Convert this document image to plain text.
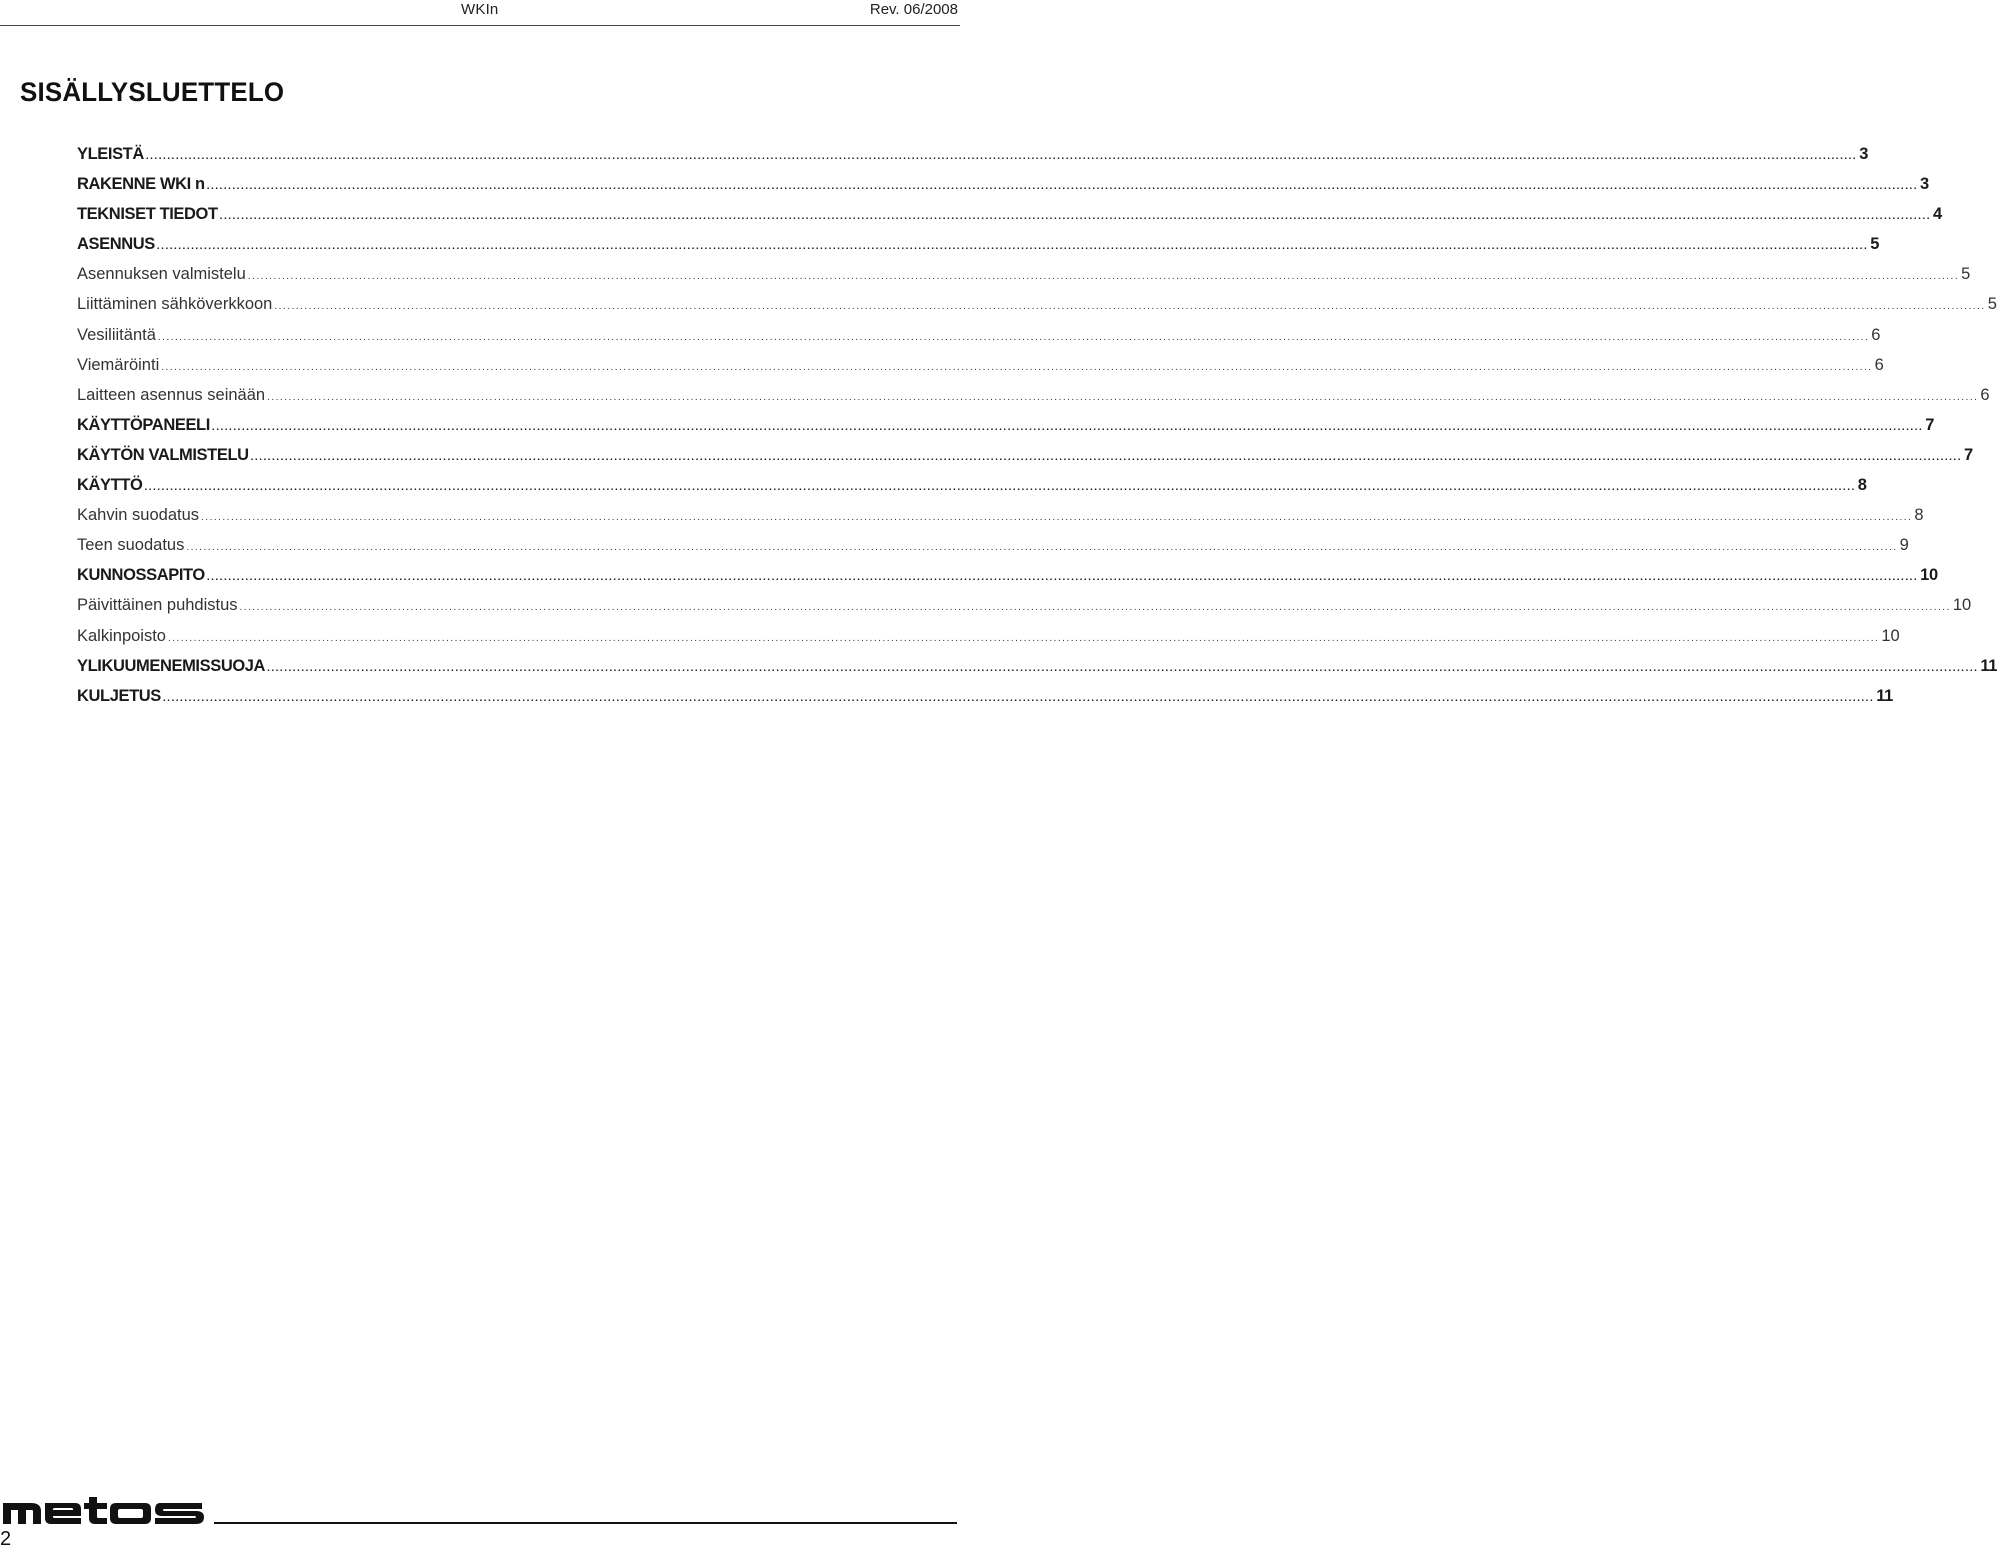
WKIn	Rev. 06/2008
SISÄLLYSLUETTELO
YLEISTÄ ................................................................................................................................................................................................................................................................................................................................................................................................................ 3
RAKENNE WKI n ................................................................................................................................................................................................................................................................................................................................................................................................................ 3
TEKNISET TIEDOT ................................................................................................................................................................................................................................................................................................................................................................................................................ 4
ASENNUS ................................................................................................................................................................................................................................................................................................................................................................................................................ 5
Asennuksen valmistelu ................................................................................................................................................................................................................................................................................................................................................................................................................ 5
Liittäminen sähköverkkoon ................................................................................................................................................................................................................................................................................................................................................................................................................ 5
Vesiliitäntä ................................................................................................................................................................................................................................................................................................................................................................................................................ 6
Viemäröinti ................................................................................................................................................................................................................................................................................................................................................................................................................ 6
Laitteen asennus seinään ................................................................................................................................................................................................................................................................................................................................................................................................................ 6
KÄYTTÖPANEELI ................................................................................................................................................................................................................................................................................................................................................................................................................ 7
KÄYTÖN VALMISTELU ................................................................................................................................................................................................................................................................................................................................................................................................................ 7
KÄYTTÖ ................................................................................................................................................................................................................................................................................................................................................................................................................ 8
Kahvin suodatus ................................................................................................................................................................................................................................................................................................................................................................................................................ 8
Teen suodatus ................................................................................................................................................................................................................................................................................................................................................................................................................ 9
KUNNOSSAPITO ................................................................................................................................................................................................................................................................................................................................................................................................................ 10
Päivittäinen puhdistus ................................................................................................................................................................................................................................................................................................................................................................................................................ 10
Kalkinpoisto ................................................................................................................................................................................................................................................................................................................................................................................................................ 10
YLIKUUMENEMISSUOJA ................................................................................................................................................................................................................................................................................................................................................................................................................ 11
KULJETUS ................................................................................................................................................................................................................................................................................................................................................................................................................ 11
2
